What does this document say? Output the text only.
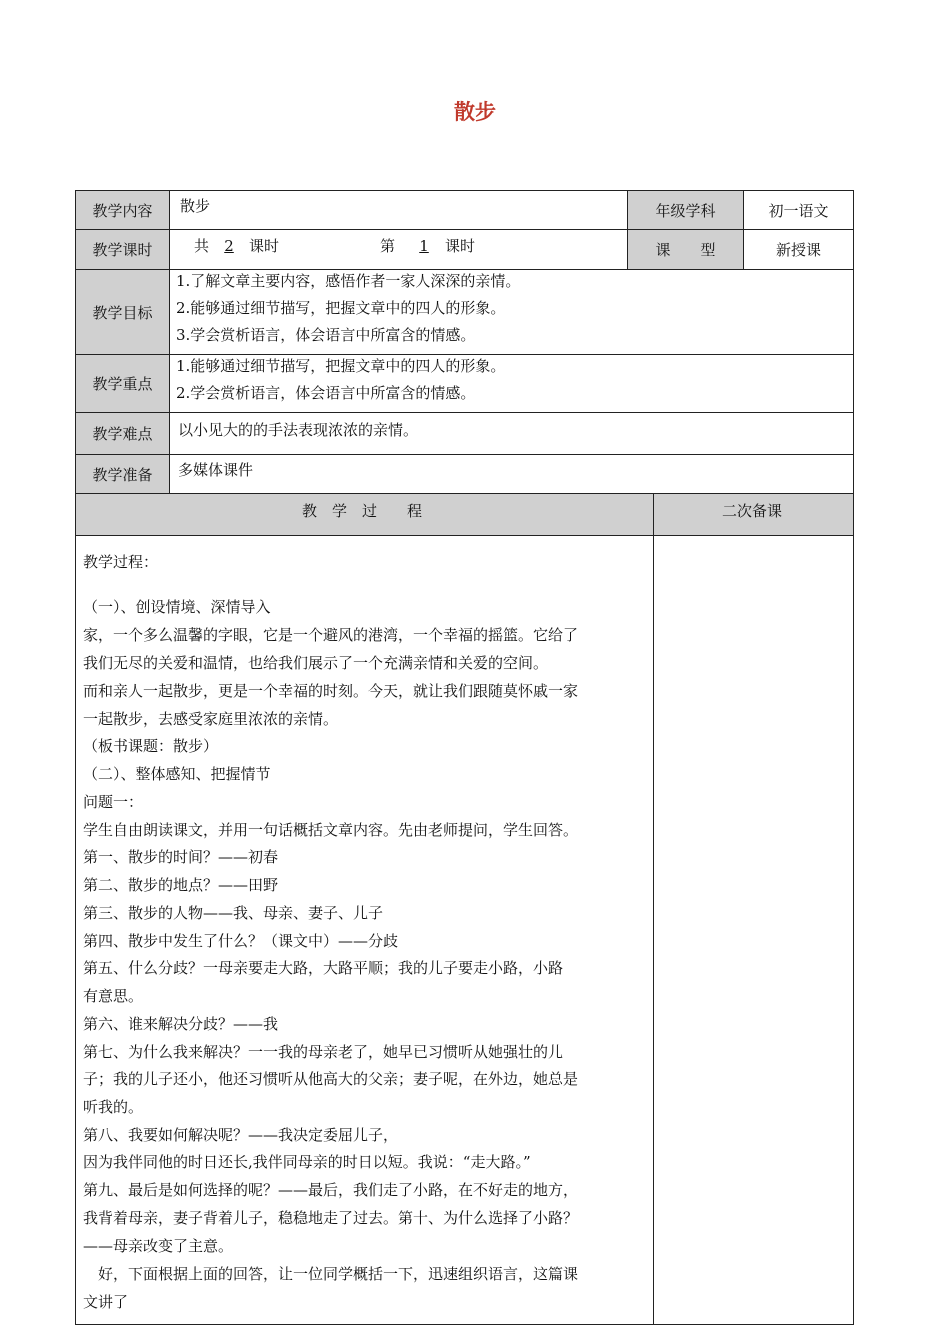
散步
教学内容 散步	年级学科	初一语文
教学课时	共 2 课时	第 1 课时	课　　型	新授课
教学目标
1.了解文章主要内容，感悟作者一家人深深的亲情。
2.能够通过细节描写，把握文章中的四人的形象。
3.学会赏析语言，体会语言中所富含的情感。
教学重点
1.能够通过细节描写，把握文章中的四人的形象。
2.学会赏析语言，体会语言中所富含的情感。
教学难点 以小见大的的手法表现浓浓的亲情。
教学准备 多媒体课件
教　学　过　　程	二次备课
教学过程：
（一）、创设情境、深情导入
家，一个多么温馨的字眼，它是一个避风的港湾，一个幸福的摇篮。它给了
我们无尽的关爱和温情，也给我们展示了一个充满亲情和关爱的空间。
而和亲人一起散步，更是一个幸福的时刻。今天，就让我们跟随莫怀戚一家
一起散步，去感受家庭里浓浓的亲情。
（板书课题：散步）
（二）、整体感知、把握情节
问题一：
学生自由朗读课文，并用一句话概括文章内容。先由老师提问，学生回答。
第一、散步的时间？——初春
第二、散步的地点？——田野
第三、散步的人物——我、母亲、妻子、儿子
第四、散步中发生了什么？（课文中）——分歧
第五、什么分歧？一母亲要走大路，大路平顺；我的儿子要走小路，小路
有意思。
第六、谁来解决分歧？——我
第七、为什么我来解决？一一我的母亲老了，她早已习惯听从她强壮的儿
子；我的儿子还小，他还习惯听从他高大的父亲；妻子呢，在外边，她总是
听我的。
第八、我要如何解决呢？——我决定委屈儿子，
因为我伴同他的时日还长,我伴同母亲的时日以短。我说：“走大路。”
第九、最后是如何选择的呢？——最后，我们走了小路，在不好走的地方，
我背着母亲，妻子背着儿子，稳稳地走了过去。第十、为什么选择了小路？
——母亲改变了主意。
　好，下面根据上面的回答，让一位同学概括一下，迅速组织语言，这篇课
文讲了
